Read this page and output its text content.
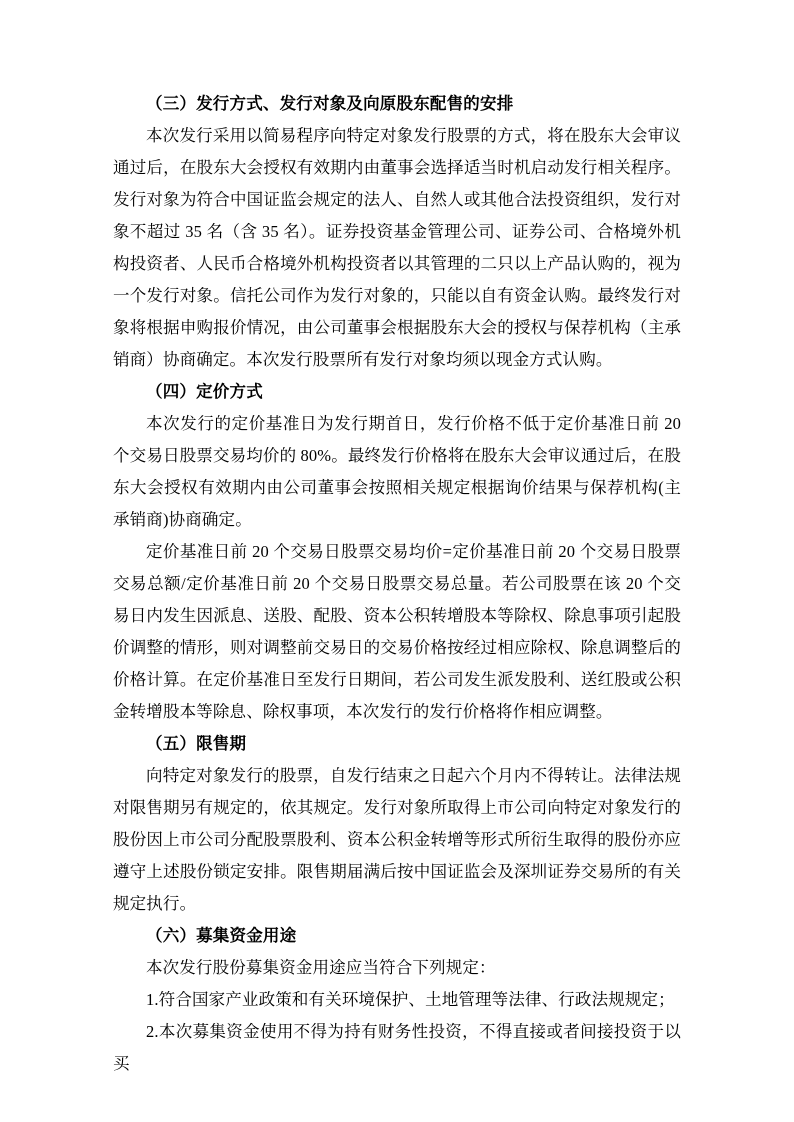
（三）发行方式、发行对象及向原股东配售的安排

本次发行采用以简易程序向特定对象发行股票的方式，将在股东大会审议通过后，在股东大会授权有效期内由董事会选择适当时机启动发行相关程序。发行对象为符合中国证监会规定的法人、自然人或其他合法投资组织，发行对象不超过 35 名（含 35 名）。证券投资基金管理公司、证券公司、合格境外机构投资者、人民币合格境外机构投资者以其管理的二只以上产品认购的，视为一个发行对象。信托公司作为发行对象的，只能以自有资金认购。最终发行对象将根据申购报价情况，由公司董事会根据股东大会的授权与保荐机构（主承销商）协商确定。本次发行股票所有发行对象均须以现金方式认购。

（四）定价方式

本次发行的定价基准日为发行期首日，发行价格不低于定价基准日前 20 个交易日股票交易均价的 80%。最终发行价格将在股东大会审议通过后，在股东大会授权有效期内由公司董事会按照相关规定根据询价结果与保荐机构(主承销商)协商确定。

定价基准日前 20 个交易日股票交易均价=定价基准日前 20 个交易日股票交易总额/定价基准日前 20 个交易日股票交易总量。若公司股票在该 20 个交易日内发生因派息、送股、配股、资本公积转增股本等除权、除息事项引起股价调整的情形，则对调整前交易日的交易价格按经过相应除权、除息调整后的价格计算。在定价基准日至发行日期间，若公司发生派发股利、送红股或公积金转增股本等除息、除权事项，本次发行的发行价格将作相应调整。

（五）限售期

向特定对象发行的股票，自发行结束之日起六个月内不得转让。法律法规对限售期另有规定的，依其规定。发行对象所取得上市公司向特定对象发行的股份因上市公司分配股票股利、资本公积金转增等形式所衍生取得的股份亦应遵守上述股份锁定安排。限售期届满后按中国证监会及深圳证券交易所的有关规定执行。

（六）募集资金用途

本次发行股份募集资金用途应当符合下列规定：

1.符合国家产业政策和有关环境保护、土地管理等法律、行政法规规定；

2.本次募集资金使用不得为持有财务性投资，不得直接或者间接投资于以买
